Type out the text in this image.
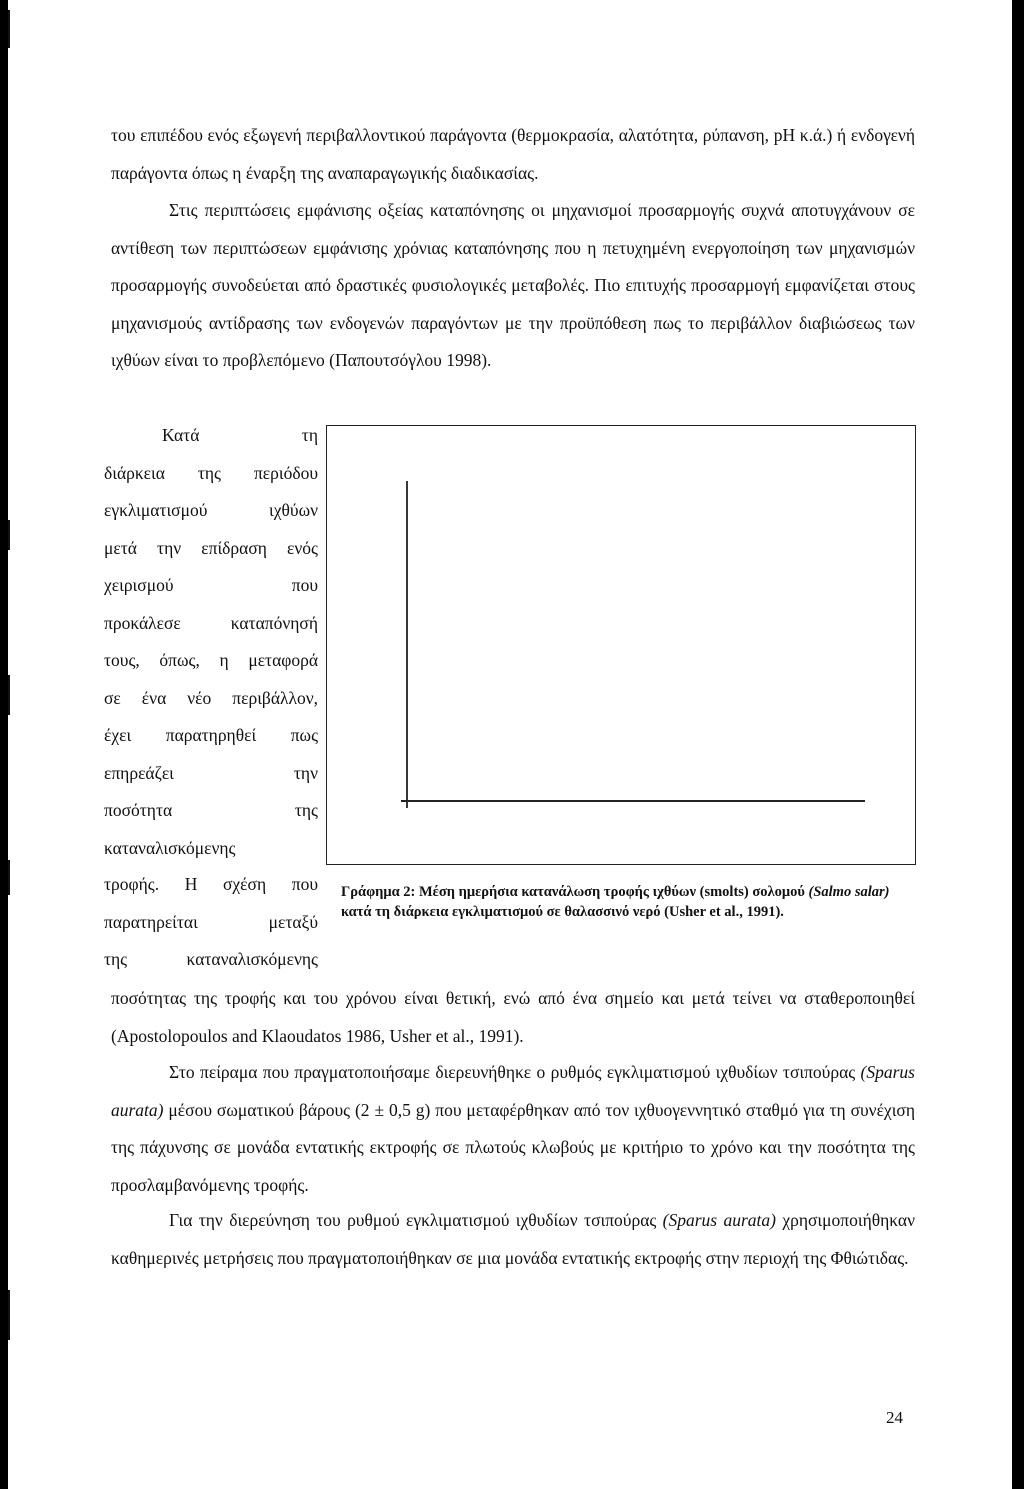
του επιπέδου ενός εξωγενή περιβαλλοντικού παράγοντα (θερμοκρασία, αλατότητα, ρύπανση, pH κ.ά.) ή ενδογενή παράγοντα όπως η έναρξη της αναπαραγωγικής διαδικασίας.

Στις περιπτώσεις εμφάνισης οξείας καταπόνησης οι μηχανισμοί προσαρμογής συχνά αποτυγχάνουν σε αντίθεση των περιπτώσεων εμφάνισης χρόνιας καταπόνησης που η πετυχημένη ενεργοποίηση των μηχανισμών προσαρμογής συνοδεύεται από δραστικές φυσιολογικές μεταβολές. Πιο επιτυχής προσαρμογή εμφανίζεται στους μηχανισμούς αντίδρασης των ενδογενών παραγόντων με την προϋπόθεση πως το περιβάλλον διαβιώσεως των ιχθύων είναι το προβλεπόμενο (Παπουτσόγλου 1998).

Κατά τη
διάρκεια της περιόδου
εγκλιματισμού ιχθύων
μετά την επίδραση ενός
χειρισμού που
προκάλεσε καταπόνησή
τους, όπως, η μεταφορά
σε ένα νέο περιβάλλον,
έχει παρατηρηθεί πως
επηρεάζει την
ποσότητα της
καταναλισκόμενης
τροφής. Η σχέση που
παρατηρείται μεταξύ
της καταναλισκόμενης
Γράφημα 2: Μέση ημερήσια κατανάλωση τροφής ιχθύων (smolts) σολομού (Salmo salar) κατά τη διάρκεια εγκλιματισμού σε θαλασσινό νερό (Usher et al., 1991).

ποσότητας της τροφής και του χρόνου είναι θετική, ενώ από ένα σημείο και μετά τείνει να σταθεροποιηθεί (Apostolopoulos and Klaoudatos 1986, Usher et al., 1991).

Στο πείραμα που πραγματοποιήσαμε διερευνήθηκε ο ρυθμός εγκλιματισμού ιχθυδίων τσιπούρας (Sparus aurata) μέσου σωματικού βάρους (2 ± 0,5 g) που μεταφέρθηκαν από τον ιχθυογεννητικό σταθμό για τη συνέχιση της πάχυνσης σε μονάδα εντατικής εκτροφής σε πλωτούς κλωβούς με κριτήριο το χρόνο και την ποσότητα της προσλαμβανόμενης τροφής.

Για την διερεύνηση του ρυθμού εγκλιματισμού ιχθυδίων τσιπούρας (Sparus aurata) χρησιμοποιήθηκαν καθημερινές μετρήσεις που πραγματοποιήθηκαν σε μια μονάδα εντατικής εκτροφής στην περιοχή της Φθιώτιδας.

24
